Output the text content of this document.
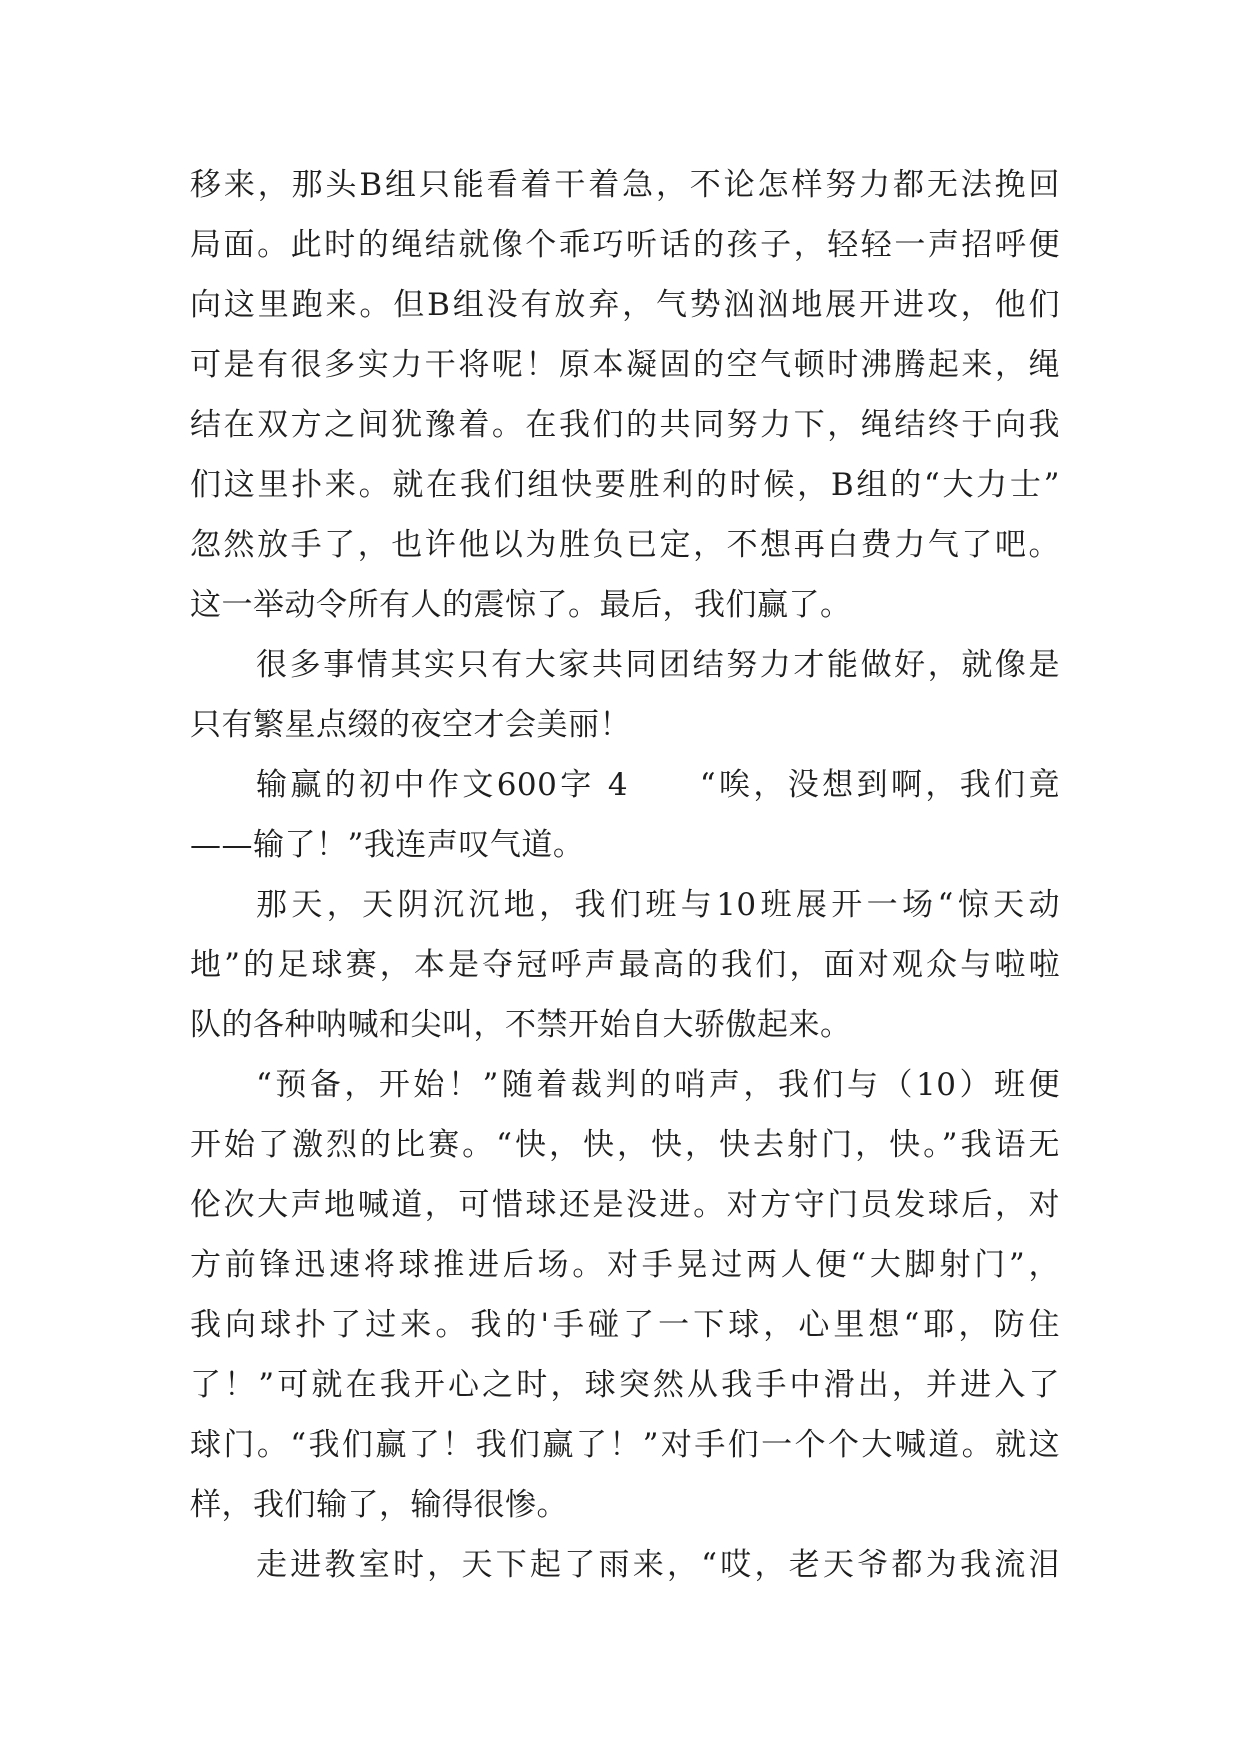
移来，那头B组只能看着干着急，不论怎样努力都无法挽回
局面。此时的绳结就像个乖巧听话的孩子，轻轻一声招呼便
向这里跑来。但B组没有放弃，气势汹汹地展开进攻，他们
可是有很多实力干将呢！原本凝固的空气顿时沸腾起来，绳
结在双方之间犹豫着。在我们的共同努力下，绳结终于向我
们这里扑来。就在我们组快要胜利的时候，B组的“大力士”
忽然放手了，也许他以为胜负已定，不想再白费力气了吧。
这一举动令所有人的震惊了。最后，我们赢了。
很多事情其实只有大家共同团结努力才能做好，就像是
只有繁星点缀的夜空才会美丽！
输赢的初中作文600字 4　　“唉，没想到啊，我们竟
——输了！”我连声叹气道。
那天，天阴沉沉地，我们班与10班展开一场“惊天动
地”的足球赛，本是夺冠呼声最高的我们，面对观众与啦啦
队的各种呐喊和尖叫，不禁开始自大骄傲起来。
“预备，开始！”随着裁判的哨声，我们与（10）班便
开始了激烈的比赛。“快，快，快，快去射门，快。”我语无
伦次大声地喊道，可惜球还是没进。对方守门员发球后，对
方前锋迅速将球推进后场。对手晃过两人便“大脚射门”，
我向球扑了过来。我的'手碰了一下球，心里想“耶，防住
了！”可就在我开心之时，球突然从我手中滑出，并进入了
球门。“我们赢了！我们赢了！”对手们一个个大喊道。就这
样，我们输了，输得很惨。
走进教室时，天下起了雨来，“哎，老天爷都为我流泪
